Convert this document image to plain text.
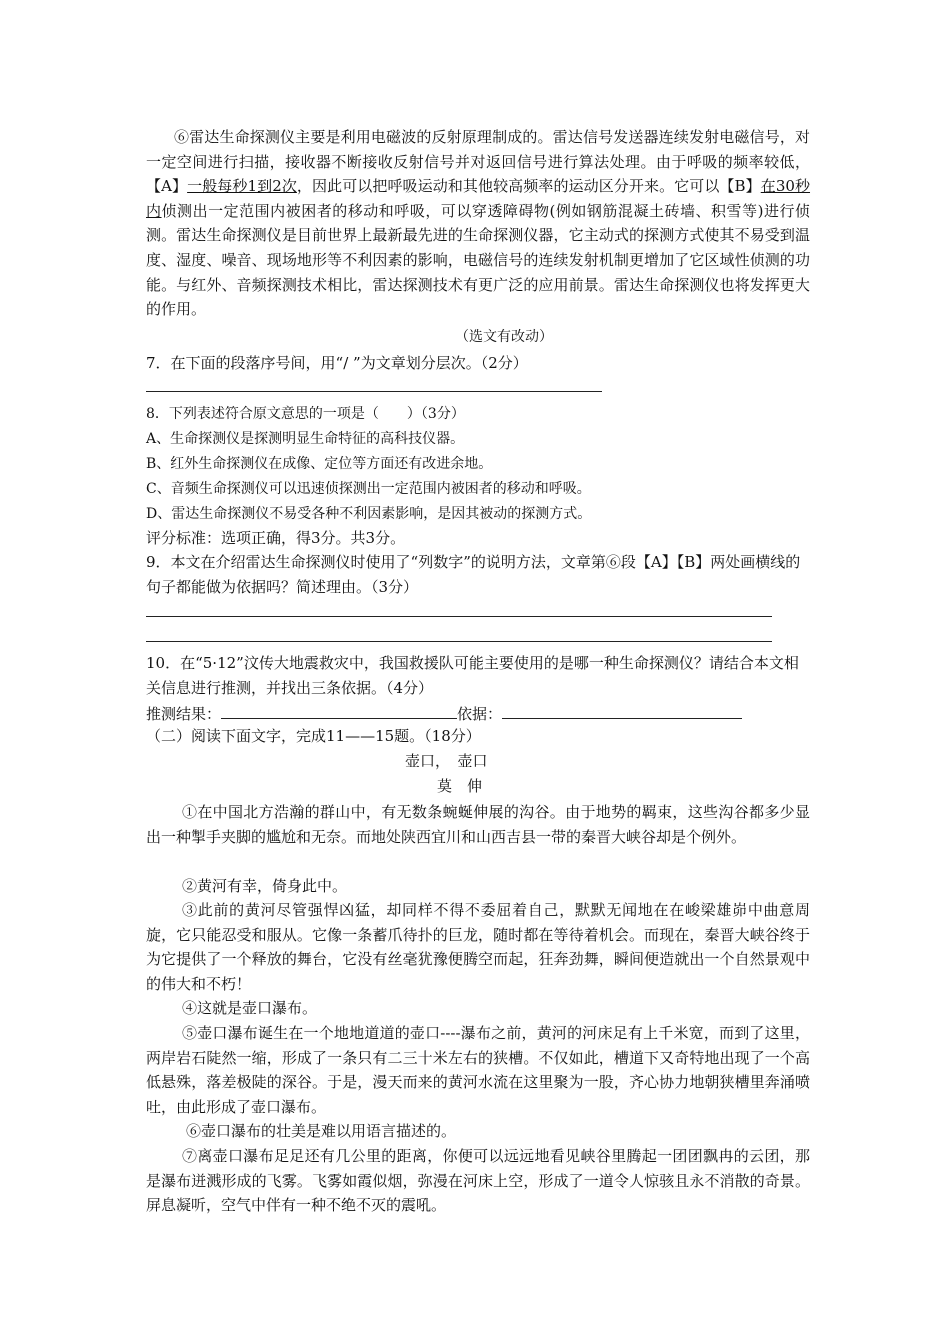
⑥雷达生命探测仪主要是利用电磁波的反射原理制成的。雷达信号发送器连续发射电磁信号，对一定空间进行扫描，接收器不断接收反射信号并对返回信号进行算法处理。由于呼吸的频率较低，【A】一般每秒1到2次，因此可以把呼吸运动和其他较高频率的运动区分开来。它可以【B】在30秒内侦测出一定范围内被困者的移动和呼吸，可以穿透障碍物(例如钢筋混凝土砖墙、积雪等)进行侦测。雷达生命探测仪是目前世界上最新最先进的生命探测仪器，它主动式的探测方式使其不易受到温度、湿度、噪音、现场地形等不利因素的影响，电磁信号的连续发射机制更增加了它区域性侦测的功能。与红外、音频探测技术相比，雷达探测技术有更广泛的应用前景。雷达生命探测仪也将发挥更大的作用。
（选文有改动）
7．在下面的段落序号间，用“/ ”为文章划分层次。（2分）
8．下列表述符合原文意思的一项是（　　）（3分）
A、生命探测仪是探测明显生命特征的高科技仪器。
B、红外生命探测仪在成像、定位等方面还有改进余地。
C、音频生命探测仪可以迅速侦探测出一定范围内被困者的移动和呼吸。
D、雷达生命探测仪不易受各种不利因素影响，是因其被动的探测方式。
评分标准：选项正确，得3分。共3分。
9．本文在介绍雷达生命探测仪时使用了“列数字”的说明方法，文章第⑥段【A】【B】两处画横线的句子都能做为依据吗？简述理由。（3分）
10．在“5·12”汶传大地震救灾中，我国救援队可能主要使用的是哪一种生命探测仪？请结合本文相关信息进行推测，并找出三条依据。（4分）
推测结果：	依据：
（二）阅读下面文字，完成11——15题。（18分）
壶口，　壶口
莫　伸
①在中国北方浩瀚的群山中，有无数条蜿蜒伸展的沟谷。由于地势的羁束，这些沟谷都多少显出一种掣手夹脚的尴尬和无奈。而地处陕西宜川和山西吉县一带的秦晋大峡谷却是个例外。
②黄河有幸，倚身此中。
③此前的黄河尽管强悍凶猛，却同样不得不委屈着自己，默默无闻地在在峻梁雄峁中曲意周旋，它只能忍受和服从。它像一条蓄爪待扑的巨龙，随时都在等待着机会。而现在，秦晋大峡谷终于为它提供了一个释放的舞台，它没有丝毫犹豫便腾空而起，狂奔劲舞，瞬间便造就出一个自然景观中的伟大和不朽！
④这就是壶口瀑布。
⑤壶口瀑布诞生在一个地地道道的壶口----瀑布之前，黄河的河床足有上千米宽，而到了这里，两岸岩石陡然一缩，形成了一条只有二三十米左右的狭槽。不仅如此，槽道下又奇特地出现了一个高低悬殊，落差极陡的深谷。于是，漫天而来的黄河水流在这里聚为一股，齐心协力地朝狭槽里奔涌喷吐，由此形成了壶口瀑布。
⑥壶口瀑布的壮美是难以用语言描述的。
⑦离壶口瀑布足足还有几公里的距离，你便可以远远地看见峡谷里腾起一团团飘冉的云团，那是瀑布迸溅形成的飞雾。飞雾如霞似烟，弥漫在河床上空，形成了一道令人惊骇且永不消散的奇景。屏息凝听，空气中伴有一种不绝不灭的震吼。
